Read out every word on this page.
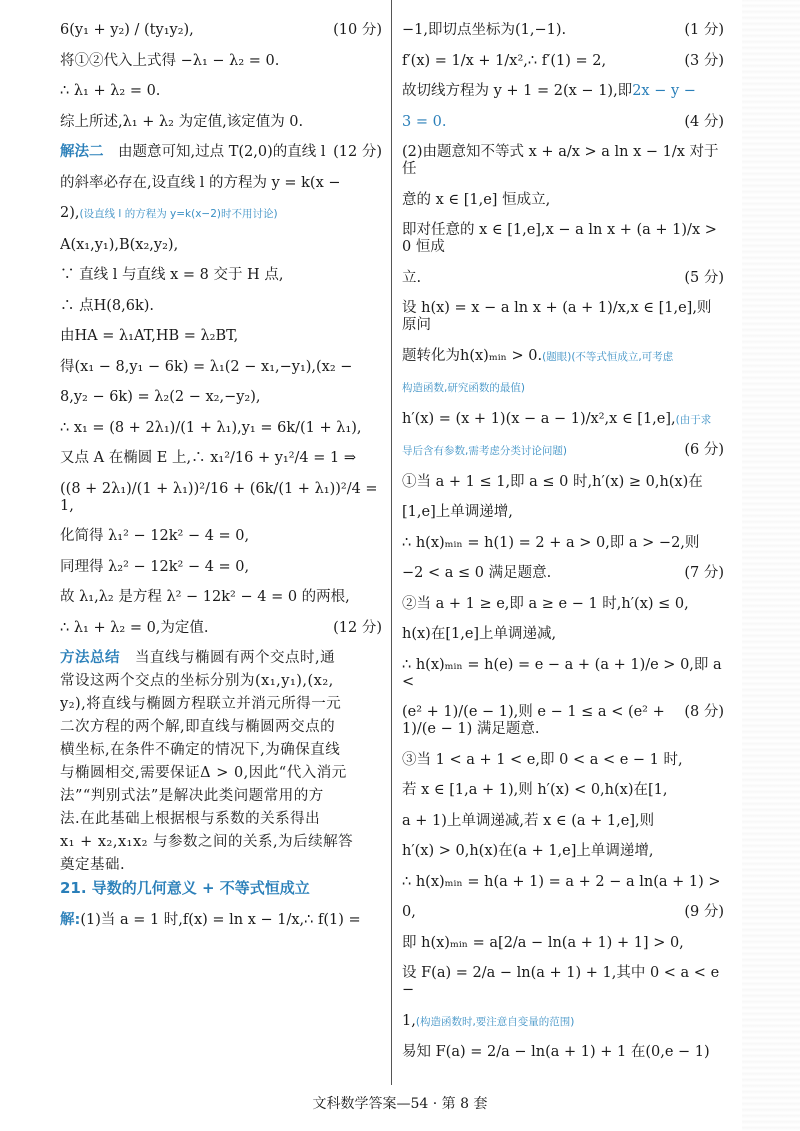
(10 分)
6(y₁ + y₂) / (ty₁y₂),
将①②代入上式得 −λ₁ − λ₂ = 0.
∴ λ₁ + λ₂ = 0.
综上所述,λ₁ + λ₂ 为定值,该定值为 0.
(12 分)
解法二  由题意可知,过点 T(2,0)的直线 l
的斜率必存在,设直线 l 的方程为 y = k(x −
2),(设直线 l 的方程为 y=k(x−2)时不用讨论)
A(x₁,y₁),B(x₂,y₂),
∵ 直线 l 与直线 x = 8 交于 H 点,
∴ 点H(8,6k).
由HA = λ₁AT,HB = λ₂BT,
得(x₁ − 8,y₁ − 6k) = λ₁(2 − x₁,−y₁),(x₂ −
8,y₂ − 6k) = λ₂(2 − x₂,−y₂),
∴ x₁ = (8 + 2λ₁)/(1 + λ₁),y₁ = 6k/(1 + λ₁),
又点 A 在椭圆 E 上,∴ x₁²/16 + y₁²/4 = 1 ⇒
((8 + 2λ₁)/(1 + λ₁))²/16 + (6k/(1 + λ₁))²/4 = 1,
化简得 λ₁² − 12k² − 4 = 0,
同理得 λ₂² − 12k² − 4 = 0,
故 λ₁,λ₂ 是方程 λ² − 12k² − 4 = 0 的两根,
(12 分)
∴ λ₁ + λ₂ = 0,为定值.
方法总结  当直线与椭圆有两个交点时,通
常设这两个交点的坐标分别为(x₁,y₁),(x₂,
y₂),将直线与椭圆方程联立并消元所得一元
二次方程的两个解,即直线与椭圆两交点的
横坐标,在条件不确定的情况下,为确保直线
与椭圆相交,需要保证Δ > 0,因此“代入消元
法”“判别式法”是解决此类问题常用的方
法.在此基础上根据根与系数的关系得出
x₁ + x₂,x₁x₂ 与参数之间的关系,为后续解答
奠定基础.
21. 导数的几何意义 + 不等式恒成立
解:(1)当 a = 1 时,f(x) = ln x − 1/x,∴ f(1) =
(1 分)
−1,即切点坐标为(1,−1).
(3 分)
f′(x) = 1/x + 1/x²,∴ f′(1) = 2,
故切线方程为 y + 1 = 2(x − 1),即2x − y −
(4 分)
3 = 0.
(2)由题意知不等式 x + a/x > a ln x − 1/x 对于任
意的 x ∈ [1,e] 恒成立,
即对任意的 x ∈ [1,e],x − a ln x + (a + 1)/x > 0 恒成
(5 分)
立.
设 h(x) = x − a ln x + (a + 1)/x,x ∈ [1,e],则原问
题转化为h(x)ₘᵢₙ > 0.(题眼)(不等式恒成立,可考虑
构造函数,研究函数的最值)
h′(x) = (x + 1)(x − a − 1)/x²,x ∈ [1,e],(由于求
(6 分)
导后含有参数,需考虑分类讨论问题)
①当 a + 1 ≤ 1,即 a ≤ 0 时,h′(x) ≥ 0,h(x)在
[1,e]上单调递增,
∴ h(x)ₘᵢₙ = h(1) = 2 + a > 0,即 a > −2,则
(7 分)
−2 < a ≤ 0 满足题意.
②当 a + 1 ≥ e,即 a ≥ e − 1 时,h′(x) ≤ 0,
h(x)在[1,e]上单调递减,
∴ h(x)ₘᵢₙ = h(e) = e − a + (a + 1)/e > 0,即 a <
(8 分)
(e² + 1)/(e − 1),则 e − 1 ≤ a < (e² + 1)/(e − 1) 满足题意.
③当 1 < a + 1 < e,即 0 < a < e − 1 时,
若 x ∈ [1,a + 1),则 h′(x) < 0,h(x)在[1,
a + 1)上单调递减,若 x ∈ (a + 1,e],则
h′(x) > 0,h(x)在(a + 1,e]上单调递增,
∴ h(x)ₘᵢₙ = h(a + 1) = a + 2 − a ln(a + 1) >
(9 分)
0,
即 h(x)ₘᵢₙ = a[2/a − ln(a + 1) + 1] > 0,
设 F(a) = 2/a − ln(a + 1) + 1,其中 0 < a < e −
1,(构造函数时,要注意自变量的范围)
易知 F(a) = 2/a − ln(a + 1) + 1 在(0,e − 1)
文科数学答案—54 · 第 8 套
